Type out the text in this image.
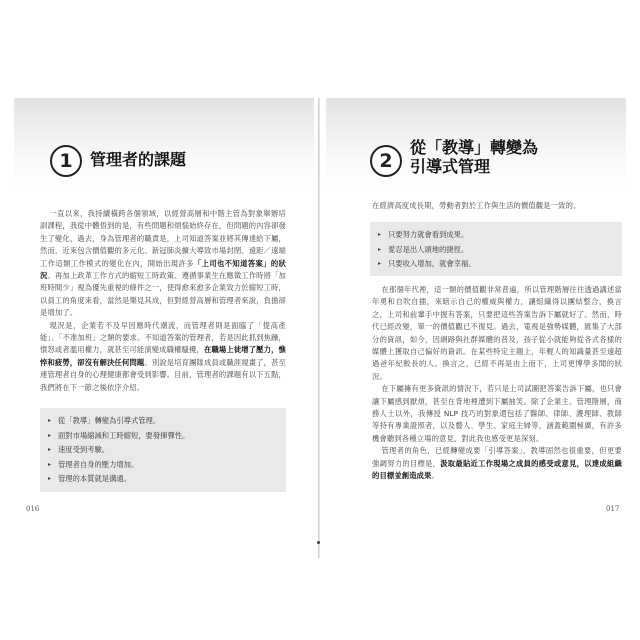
1	管理者的課題

一直以來，我持續橫跨各個領域，以經營高層和中階主管為對象舉辦培訓課程，我從中體悟到的是，有些問題和煩惱始終存在，但問題的內容卻發生了變化，過去，身為管理者的職責是，上司知道答案並將其傳達給下屬，然而，近來包含價值觀的多元化、新冠肺炎擴大導致市場封閉、遠距／遠端工作這類工作模式的變化在內，開始出現許多「上司也不知道答案」的狀況。再加上政革工作方式的縮短工時政策、遵循事業生在應徵工作時將「加班時間少」視為優先重視的條件之一，使得愈來愈多企業致力於縮短工時，以員工的角度來看，當然是樂見其成，但對經營高層和管理者來說，負擔卻是增加了。

現況是，企業若不及早因應時代潮流，而管理者則是面臨了「提高產能」、「不准加班」之類的要求。不知道答案的管理者，若是因此抓到焦躁，憤怒或者濫用權力，就甚至可能演變成職權騷擾，在職場上徒增了壓力，憔悴和疲勞，卻沒有解決任何問題。別說是培育團隊成員或職涯規畫了，甚至連管理者自身的心理健康都會受到影響。目前，管理者的課題有以下五點，我們將在下一節之後依序介紹。

▸ 從「教導」轉變為引導式管理。
▸ 面對市場縮減和工時縮短，要發揮彈性。
▸ 速度受到考驗。
▸ 管理者自身的壓力增加。
▸ 管理的本質就是溝通。
016
2
從「教導」轉變為
引導式管理
在經濟高度成長期，勞動者對於工作與生活的價值觀是一致的。
▸ 只要努力就會看到成果。
▸ 愛忍是出人頭地的捷徑。
▸ 只要收入增加，就會幸福。

在那個年代裡，這一類的價值觀非常普遍，所以管理階層往往透過講述當年勇和自吹自擂，來暗示自己的權威與權力，讓組織得以團結整合，換言之，上司和前輩手中握有答案，只要把這些答案告訴下屬就好了。然而，時代已經改變，單一的價值觀已不復見。過去，電視是強勢媒體，匯集了大部分的資訊，如今，因網路與社群媒體的普及，孩子從小就能夠從各式各樣的媒體上獲取自己偏好的資訊。在某些特定主題上，年輕人的知識量甚至遠超過爸年紀較長的人。換言之，已經不再是由上而下，上司更博學多聞的狀況。

在下屬擁有更多資訊的情況下，若只是上司試圖把答案告訴下屬，也只會讓下屬感到厭煩，甚至在背地裡遭到下屬抽笑。除了企業主、管理階層，商務人士以外，我傳授 NLP 技巧的對象還包括了醫師、律師、護理師、教師等持有專業證照者，以及藝人、學生、家庭主婦等，涵蓋範圍極廣，有許多機會聽到各種立場的意見，對此我也感受更是深刻。

管理者的角色，已經轉變成要「引導答案」，教導固然也很重要，但更要強調努力的目標是，汲取最貼近工作現場之成員的感受或意見，以達成組織的目標並創造成果。

017
